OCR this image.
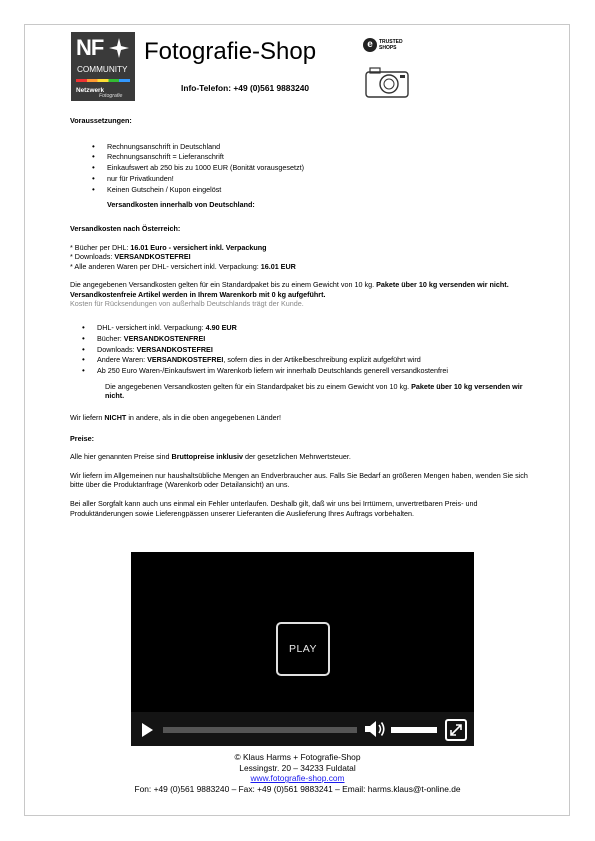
NF
COMMUNITY
Netzwerk
Fotografie
Fotografie-Shop
Info-Telefon: +49 (0)561 9883240
e	TRUSTED
SHOPS

Voraussetzungen:

• Rechnungsanschrift in Deutschland
• Rechnungsanschrift = Lieferanschrift
• Einkaufswert ab 250 bis zu 1000 EUR (Bonität vorausgesetzt)
• nur für Privatkunden!
• Keinen Gutschein / Kupon eingelöst

Versandkosten innerhalb von Deutschland:

Versandkosten nach Österreich:

* Bücher per DHL: 16.01 Euro - versichert inkl. Verpackung

* Downloads: VERSANDKOSTEFREI

* Alle anderen Waren per DHL- versichert inkl. Verpackung: 16.01 EUR

Die angegebenen Versandkosten gelten für ein Standardpaket bis zu einem Gewicht von 10 kg. Pakete über 10 kg versenden wir nicht. Versandkostenfreie Artikel werden in Ihrem Warenkorb mit 0 kg aufgeführt.

Kosten für Rücksendungen von außerhalb Deutschlands trägt der Kunde.

• DHL- versichert inkl. Verpackung: 4.90 EUR
• Bücher: VERSANDKOSTENFREI
• Downloads: VERSANDKOSTEFREI
• Andere Waren: VERSANDKOSTEFREI, sofern dies in der Artikelbeschreibung explizit aufgeführt wird
• Ab 250 Euro Waren-/Einkaufswert im Warenkorb liefern wir innerhalb Deutschlands generell versandkostenfrei

Die angegebenen Versandkosten gelten für ein Standardpaket bis zu einem Gewicht von 10 kg. Pakete über 10 kg versenden wir nicht.

Wir liefern NICHT in andere, als in die oben angegebenen Länder!

Preise:

Alle hier genannten Preise sind Bruttopreise inklusiv der gesetzlichen Mehrwertsteuer.

Wir liefern im Allgemeinen nur haushaltsübliche Mengen an Endverbraucher aus. Falls Sie Bedarf an größeren Mengen haben, wenden Sie sich bitte über die Produktanfrage (Warenkorb oder Detailansicht) an uns.

Bei aller Sorgfalt kann auch uns einmal ein Fehler unterlaufen. Deshalb gilt, daß wir uns bei Irrtümern, unvertretbaren Preis- und Produktänderungen sowie Lieferengpässen unserer Lieferanten die Auslieferung Ihres Auftrags vorbehalten.

PLAY
© Klaus Harms + Fotografie-Shop
Lessingstr. 20 – 34233 Fuldatal
www.fotografie-shop.com
Fon: +49 (0)561 9883240 – Fax: +49 (0)561 9883241 – Email: harms.klaus@t-online.de
